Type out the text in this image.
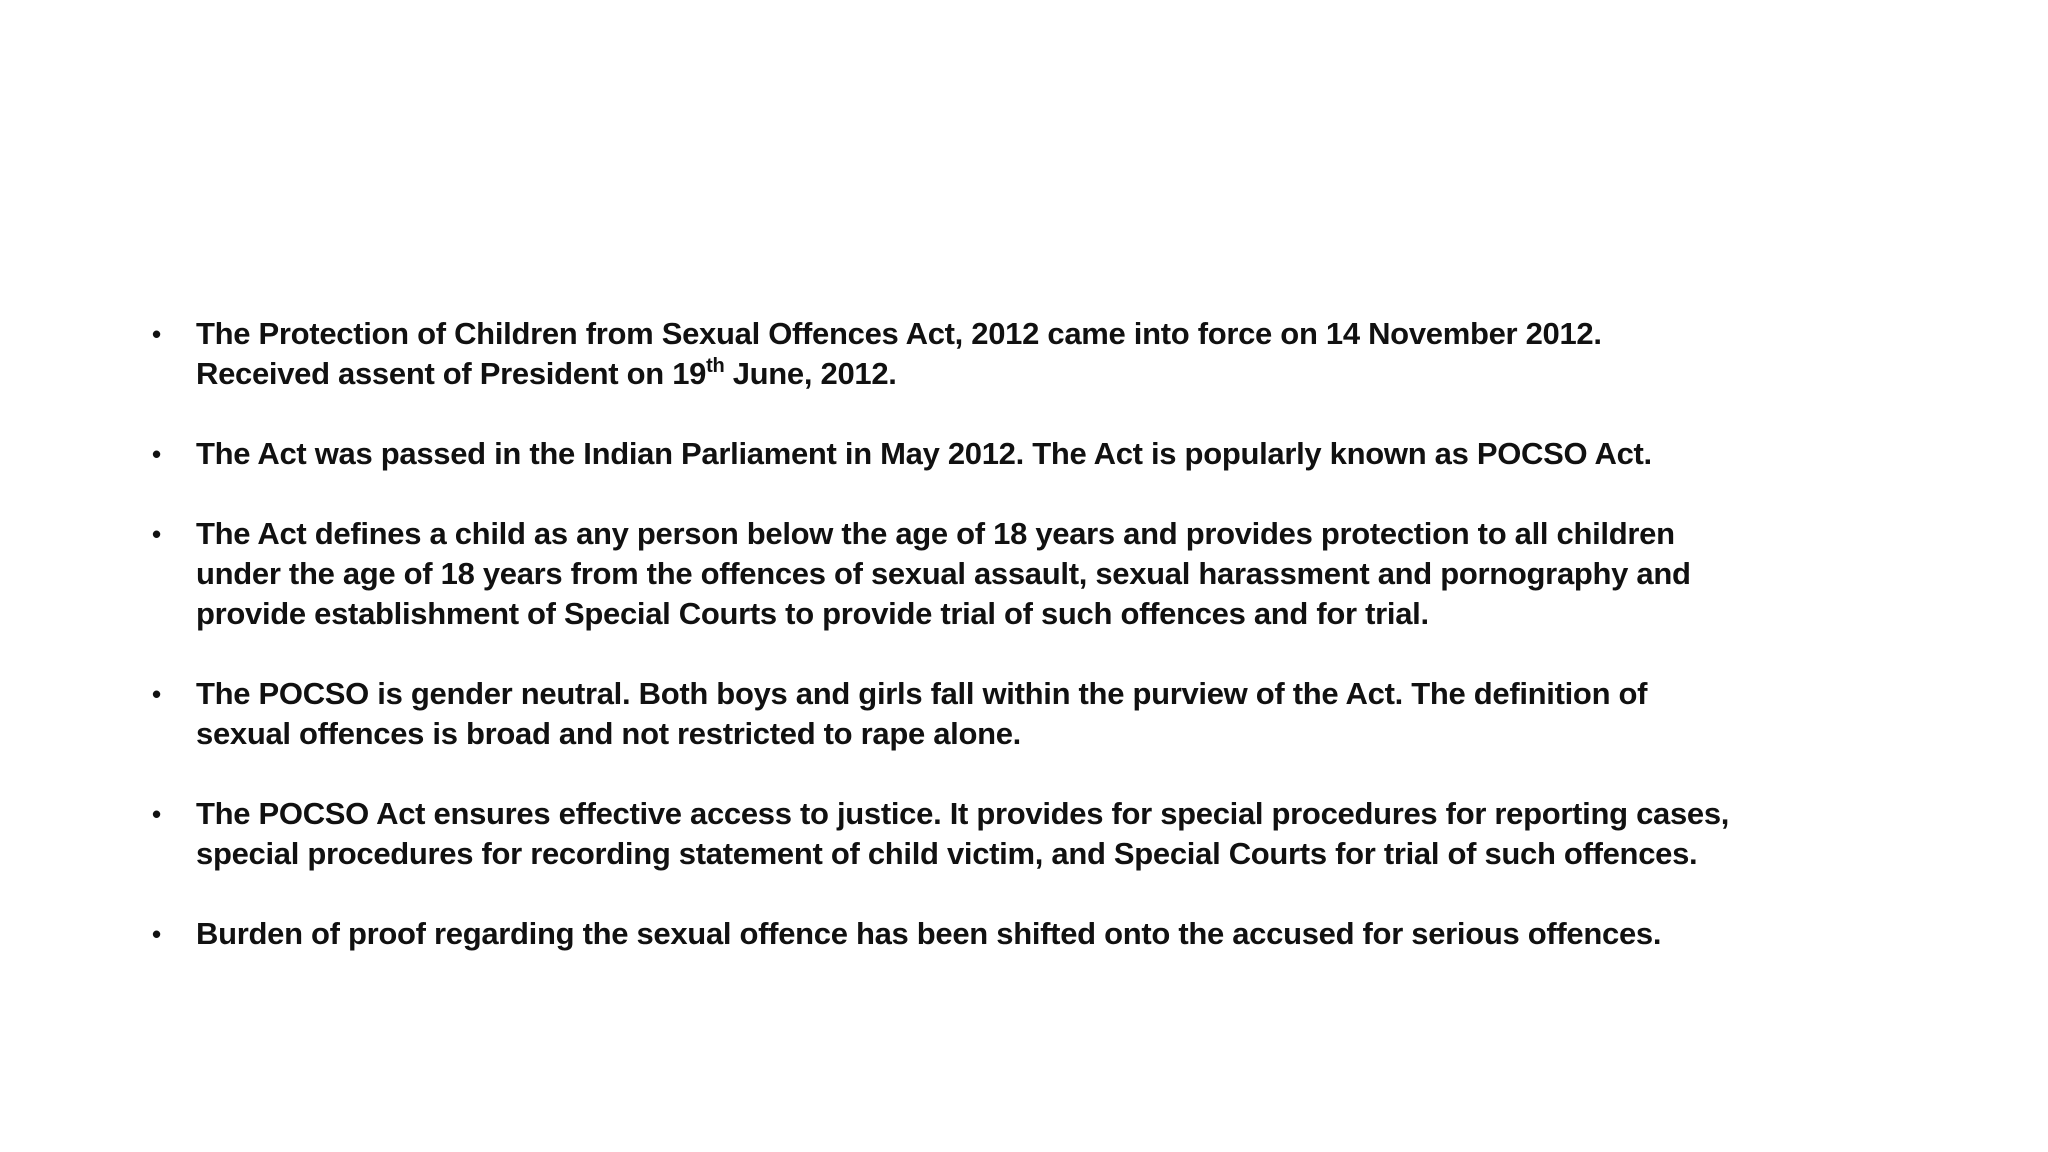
•	The Protection of Children from Sexual Offences Act, 2012 came into force on 14 November 2012.
Received assent of President on 19th June, 2012.
•	The Act was passed in the Indian Parliament in May 2012. The Act is popularly known as POCSO Act.
•	The Act defines a child as any person below the age of 18 years and provides protection to all children
under the age of 18 years from the offences of sexual assault, sexual harassment and pornography and
provide establishment of Special Courts to provide trial of such offences and for trial.
•	The POCSO is gender neutral. Both boys and girls fall within the purview of the Act. The definition of
sexual offences is broad and not restricted to rape alone.
•	The POCSO Act ensures effective access to justice. It provides for special procedures for reporting cases,
special procedures for recording statement of child victim, and Special Courts for trial of such offences.
•	Burden of proof regarding the sexual offence has been shifted onto the accused for serious offences.
